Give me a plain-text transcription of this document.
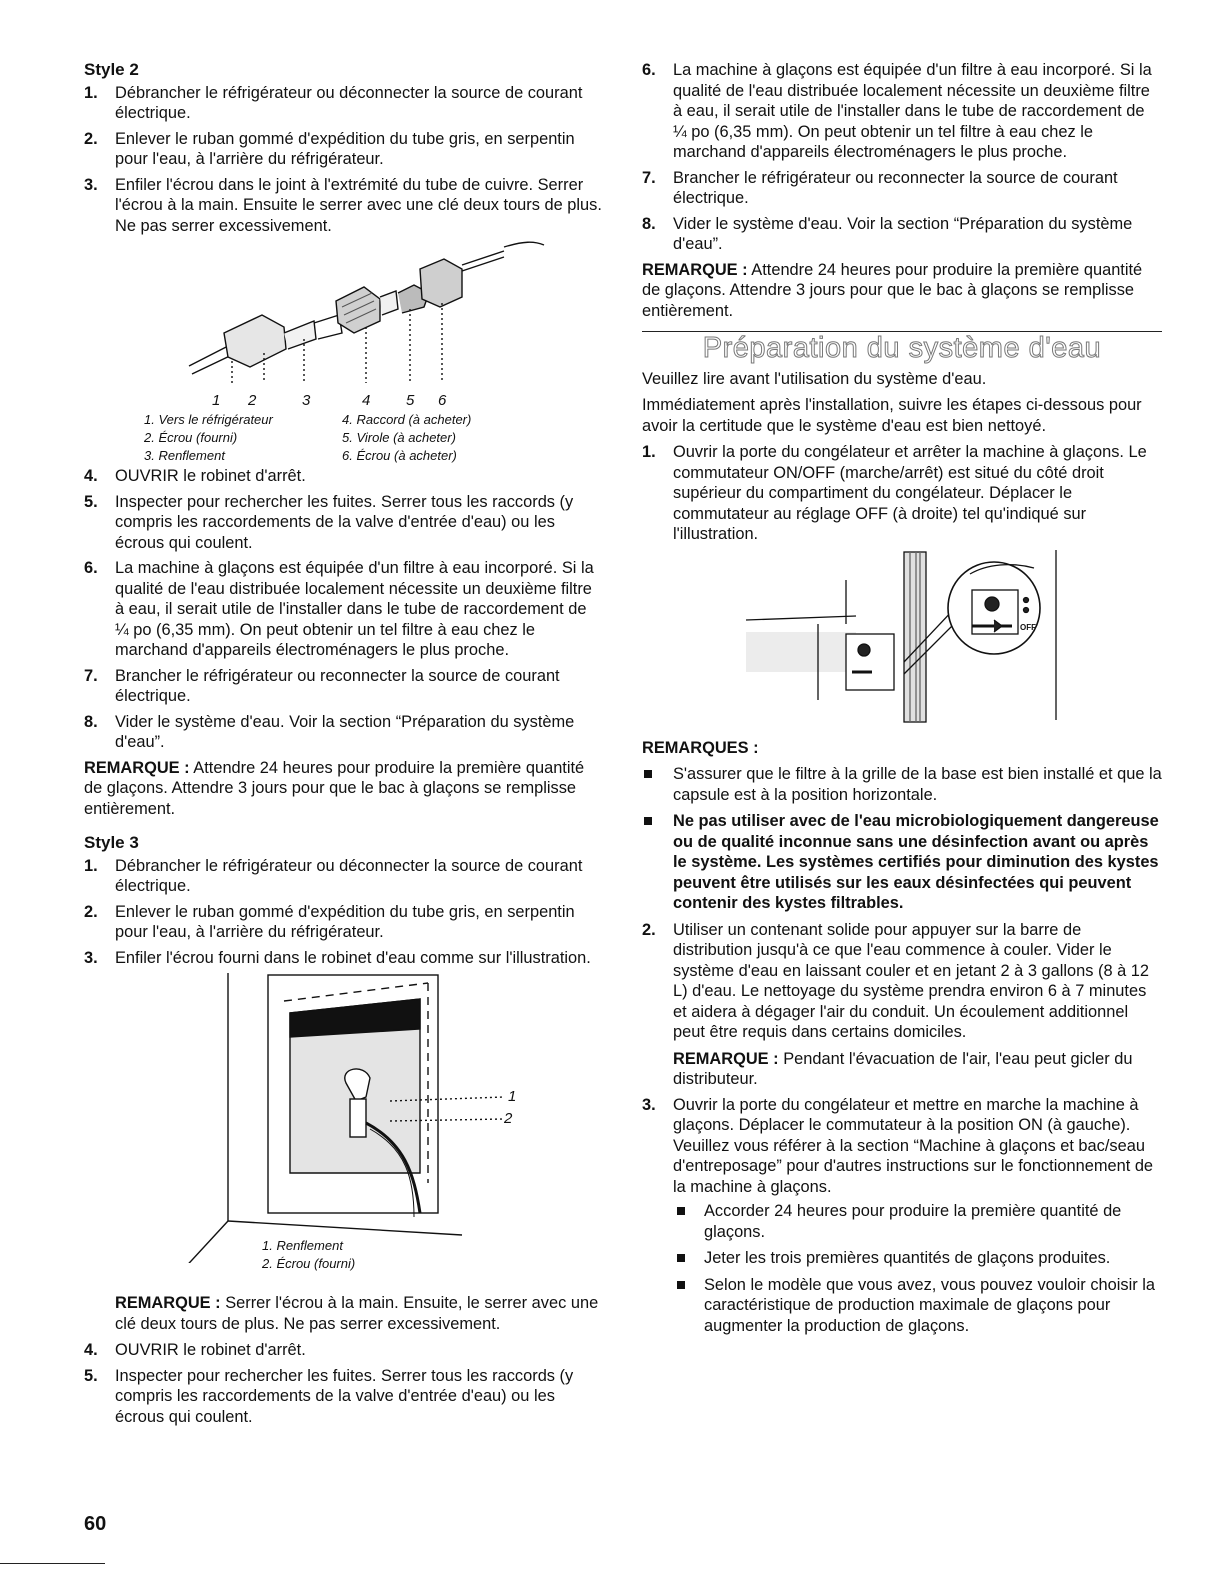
Style 2
1. Débrancher le réfrigérateur ou déconnecter la source de courant électrique.
2. Enlever le ruban gommé d'expédition du tube gris, en serpentin pour l'eau, à l'arrière du réfrigérateur.
3. Enfiler l'écrou dans le joint à l'extrémité du tube de cuivre. Serrer l'écrou à la main. Ensuite le serrer avec une clé deux tours de plus. Ne pas serrer excessivement.
1 2	3	4 5 6
1. Vers le réfrigérateur
2. Écrou (fourni)
3. Renflement
4. Raccord (à acheter)
5. Virole (à acheter)
6. Écrou (à acheter)
4. OUVRIR le robinet d'arrêt.
5. Inspecter pour rechercher les fuites. Serrer tous les raccords (y compris les raccordements de la valve d'entrée d'eau) ou les écrous qui coulent.
6. La machine à glaçons est équipée d'un filtre à eau incorporé. Si la qualité de l'eau distribuée localement nécessite un deuxième filtre à eau, il serait utile de l'installer dans le tube de raccordement de ¼ po (6,35 mm). On peut obtenir un tel filtre à eau chez le marchand d'appareils électroménagers le plus proche.
7. Brancher le réfrigérateur ou reconnecter la source de courant électrique.
8. Vider le système d'eau. Voir la section “Préparation du système d'eau”.

REMARQUE : Attendre 24 heures pour produire la première quantité de glaçons. Attendre 3 jours pour que le bac à glaçons se remplisse entièrement.

Style 3
1. Débrancher le réfrigérateur ou déconnecter la source de courant électrique.
2. Enlever le ruban gommé d'expédition du tube gris, en serpentin pour l'eau, à l'arrière du réfrigérateur.
3. Enfiler l'écrou fourni dans le robinet d'eau comme sur l'illustration.
1
2
1. Renflement
2. Écrou (fourni)

REMARQUE : Serrer l'écrou à la main. Ensuite, le serrer avec une clé deux tours de plus. Ne pas serrer excessivement.

4. OUVRIR le robinet d'arrêt.
5. Inspecter pour rechercher les fuites. Serrer tous les raccords (y compris les raccordements de la valve d'entrée d'eau) ou les écrous qui coulent.
6. La machine à glaçons est équipée d'un filtre à eau incorporé. Si la qualité de l'eau distribuée localement nécessite un deuxième filtre à eau, il serait utile de l'installer dans le tube de raccordement de ¼ po (6,35 mm). On peut obtenir un tel filtre à eau chez le marchand d'appareils électroménagers le plus proche.
7. Brancher le réfrigérateur ou reconnecter la source de courant électrique.
8. Vider le système d'eau. Voir la section “Préparation du système d'eau”.

REMARQUE : Attendre 24 heures pour produire la première quantité de glaçons. Attendre 3 jours pour que le bac à glaçons se remplisse entièrement.

Préparation du système d'eau

Veuillez lire avant l'utilisation du système d'eau.

Immédiatement après l'installation, suivre les étapes ci-dessous pour avoir la certitude que le système d'eau est bien nettoyé.

1. Ouvrir la porte du congélateur et arrêter la machine à glaçons. Le commutateur ON/OFF (marche/arrêt) est situé du côté droit supérieur du compartiment du congélateur. Déplacer le commutateur au réglage OFF (à droite) tel qu'indiqué sur l'illustration.
OFF
REMARQUES :
S'assurer que le filtre à la grille de la base est bien installé et que la capsule est à la position horizontale.
Ne pas utiliser avec de l'eau microbiologiquement dangereuse ou de qualité inconnue sans une désinfection avant ou après le système. Les systèmes certifiés pour diminution des kystes peuvent être utilisés sur les eaux désinfectées qui peuvent contenir des kystes filtrables.
2. Utiliser un contenant solide pour appuyer sur la barre de distribution jusqu'à ce que l'eau commence à couler. Vider le système d'eau en laissant couler et en jetant 2 à 3 gallons (8 à 12 L) d'eau. Le nettoyage du système prendra environ 6 à 7 minutes et aidera à dégager l'air du conduit. Un écoulement additionnel peut être requis dans certains domiciles.
REMARQUE : Pendant l'évacuation de l'air, l'eau peut gicler du distributeur.
3. Ouvrir la porte du congélateur et mettre en marche la machine à glaçons. Déplacer le commutateur à la position ON (à gauche). Veuillez vous référer à la section “Machine à glaçons et bac/seau d'entreposage” pour d'autres instructions sur le fonctionnement de la machine à glaçons.
Accorder 24 heures pour produire la première quantité de glaçons.
Jeter les trois premières quantités de glaçons produites.
Selon le modèle que vous avez, vous pouvez vouloir choisir la caractéristique de production maximale de glaçons pour augmenter la production de glaçons.
60
